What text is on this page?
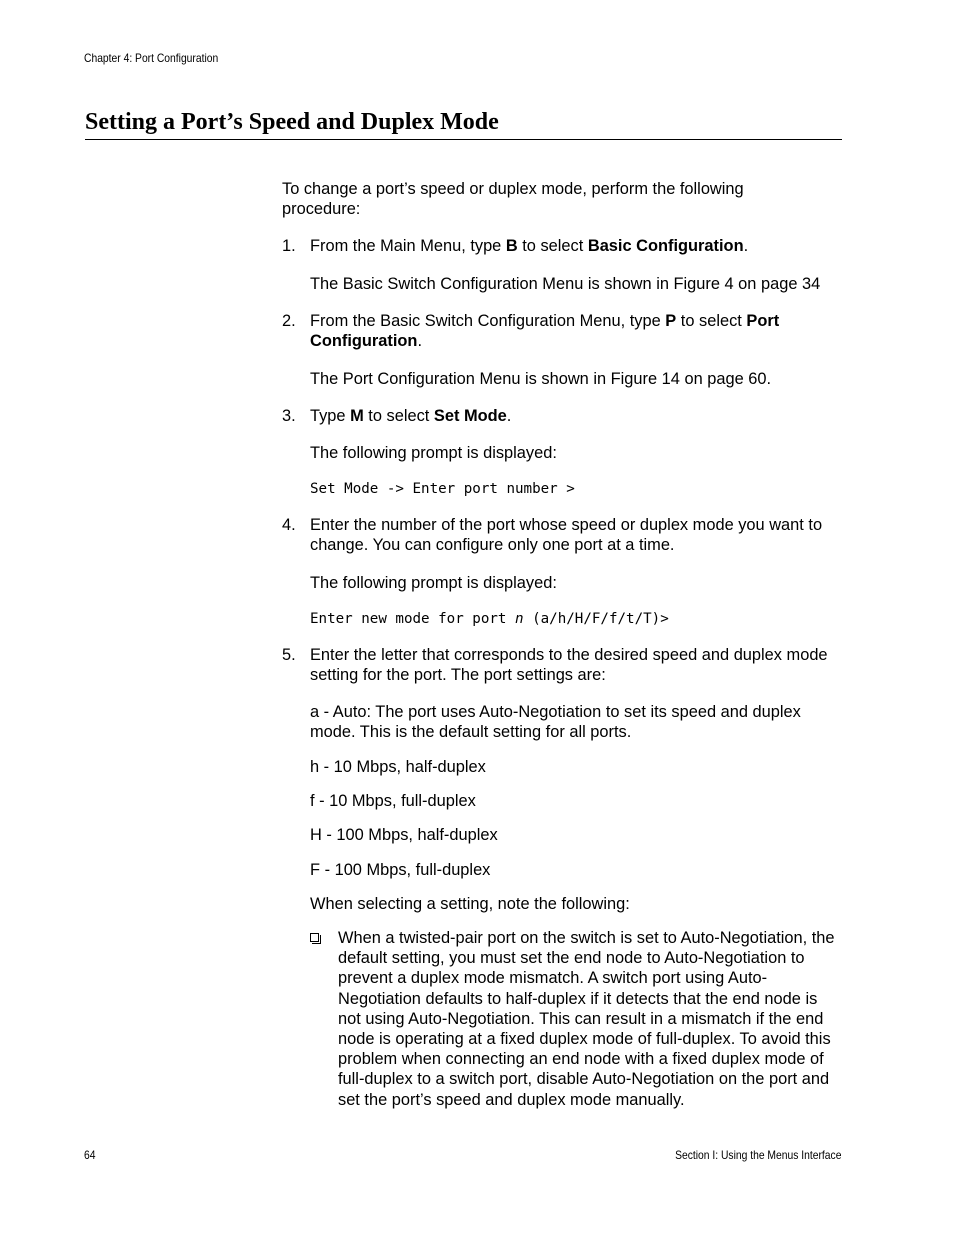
Chapter 4: Port Configuration
Setting a Port’s Speed and Duplex Mode

To change a port’s speed or duplex mode, perform the following procedure:

1. From the Main Menu, type B to select Basic Configuration.

The Basic Switch Configuration Menu is shown in Figure 4 on page 34

2. From the Basic Switch Configuration Menu, type P to select Port Configuration.

The Port Configuration Menu is shown in Figure 14 on page 60.

3. Type M to select Set Mode.

The following prompt is displayed:

Set Mode -> Enter port number >
4. Enter the number of the port whose speed or duplex mode you want to change. You can configure only one port at a time.

The following prompt is displayed:

Enter new mode for port n (a/h/H/F/f/t/T)>
5. Enter the letter that corresponds to the desired speed and duplex mode setting for the port. The port settings are:

a - Auto: The port uses Auto-Negotiation to set its speed and duplex mode. This is the default setting for all ports.

h - 10 Mbps, half-duplex

f - 10 Mbps, full-duplex

H - 100 Mbps, half-duplex

F - 100 Mbps, full-duplex

When selecting a setting, note the following:

When a twisted-pair port on the switch is set to Auto-Negotiation, the default setting, you must set the end node to Auto-Negotiation to prevent a duplex mode mismatch. A switch port using Auto-Negotiation defaults to half-duplex if it detects that the end node is not using Auto-Negotiation. This can result in a mismatch if the end node is operating at a fixed duplex mode of full-duplex. To avoid this problem when connecting an end node with a fixed duplex mode of full-duplex to a switch port, disable Auto-Negotiation on the port and set the port’s speed and duplex mode manually.

64	Section I: Using the Menus Interface
